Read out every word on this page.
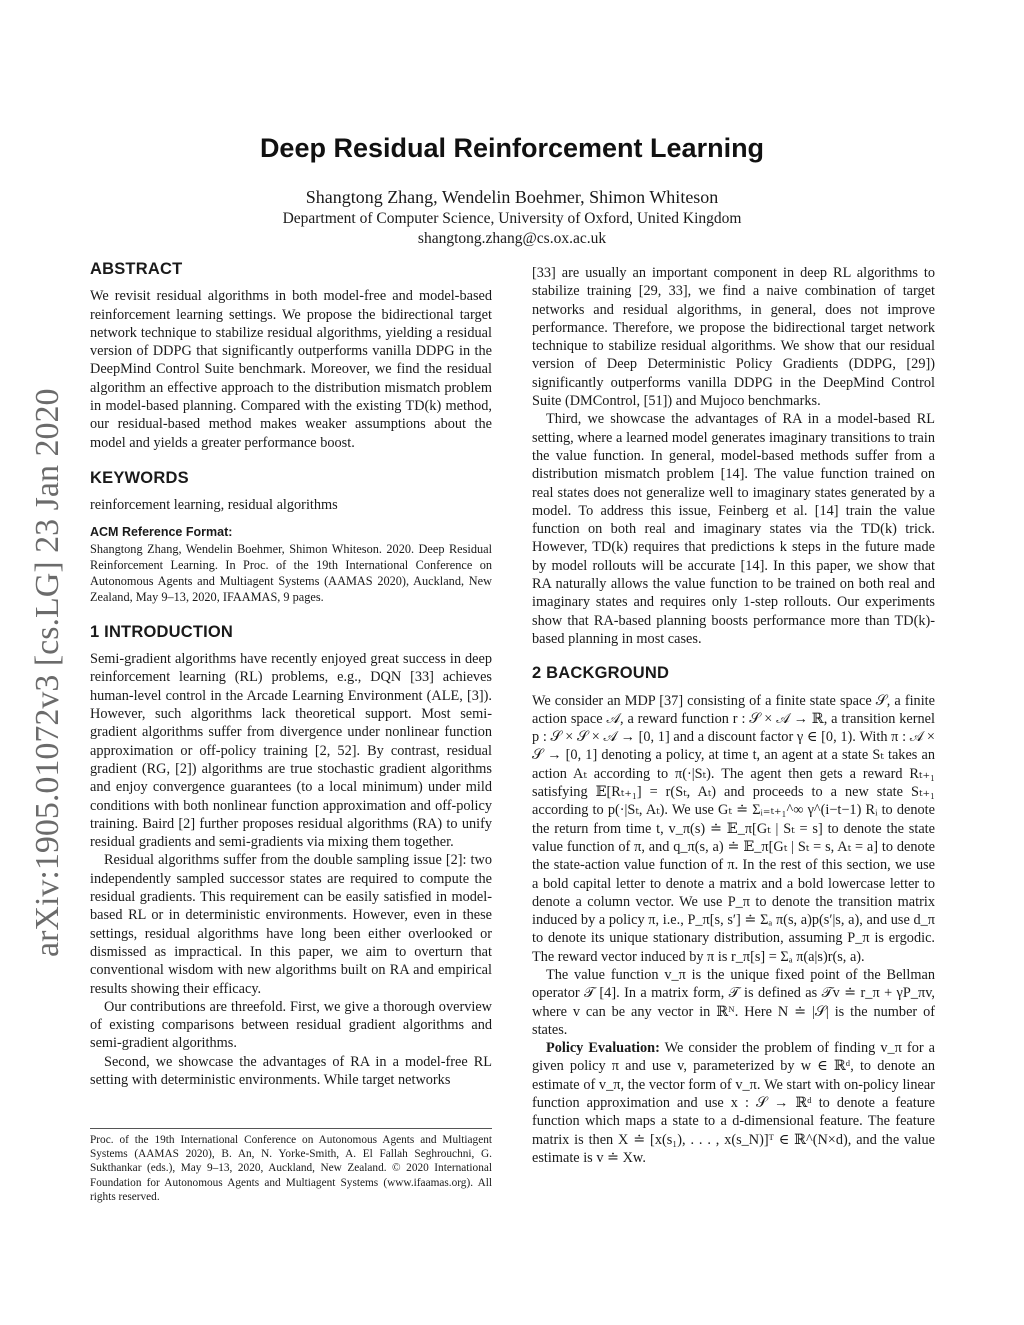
arXiv:1905.01072v3 [cs.LG] 23 Jan 2020
Deep Residual Reinforcement Learning
Shangtong Zhang, Wendelin Boehmer, Shimon Whiteson
Department of Computer Science, University of Oxford, United Kingdom
shangtong.zhang@cs.ox.ac.uk
ABSTRACT

We revisit residual algorithms in both model-free and model-based reinforcement learning settings. We propose the bidirectional target network technique to stabilize residual algorithms, yielding a residual version of DDPG that significantly outperforms vanilla DDPG in the DeepMind Control Suite benchmark. Moreover, we find the residual algorithm an effective approach to the distribution mismatch problem in model-based planning. Compared with the existing TD(k) method, our residual-based method makes weaker assumptions about the model and yields a greater performance boost.

KEYWORDS

reinforcement learning, residual algorithms

ACM Reference Format:

Shangtong Zhang, Wendelin Boehmer, Shimon Whiteson. 2020. Deep Residual Reinforcement Learning. In Proc. of the 19th International Conference on Autonomous Agents and Multiagent Systems (AAMAS 2020), Auckland, New Zealand, May 9–13, 2020, IFAAMAS, 9 pages.

1 INTRODUCTION

Semi-gradient algorithms have recently enjoyed great success in deep reinforcement learning (RL) problems, e.g., DQN [33] achieves human-level control in the Arcade Learning Environment (ALE, [3]). However, such algorithms lack theoretical support. Most semi-gradient algorithms suffer from divergence under nonlinear function approximation or off-policy training [2, 52]. By contrast, residual gradient (RG, [2]) algorithms are true stochastic gradient algorithms and enjoy convergence guarantees (to a local minimum) under mild conditions with both nonlinear function approximation and off-policy training. Baird [2] further proposes residual algorithms (RA) to unify residual gradients and semi-gradients via mixing them together.

Residual algorithms suffer from the double sampling issue [2]: two independently sampled successor states are required to compute the residual gradients. This requirement can be easily satisfied in model-based RL or in deterministic environments. However, even in these settings, residual algorithms have long been either overlooked or dismissed as impractical. In this paper, we aim to overturn that conventional wisdom with new algorithms built on RA and empirical results showing their efficacy.

Our contributions are threefold. First, we give a thorough overview of existing comparisons between residual gradient algorithms and semi-gradient algorithms.

Second, we showcase the advantages of RA in a model-free RL setting with deterministic environments. While target networks

Proc. of the 19th International Conference on Autonomous Agents and Multiagent Systems (AAMAS 2020), B. An, N. Yorke-Smith, A. El Fallah Seghrouchni, G. Sukthankar (eds.), May 9–13, 2020, Auckland, New Zealand. © 2020 International Foundation for Autonomous Agents and Multiagent Systems (www.ifaamas.org). All rights reserved.

[33] are usually an important component in deep RL algorithms to stabilize training [29, 33], we find a naive combination of target networks and residual algorithms, in general, does not improve performance. Therefore, we propose the bidirectional target network technique to stabilize residual algorithms. We show that our residual version of Deep Deterministic Policy Gradients (DDPG, [29]) significantly outperforms vanilla DDPG in the DeepMind Control Suite (DMControl, [51]) and Mujoco benchmarks.

Third, we showcase the advantages of RA in a model-based RL setting, where a learned model generates imaginary transitions to train the value function. In general, model-based methods suffer from a distribution mismatch problem [14]. The value function trained on real states does not generalize well to imaginary states generated by a model. To address this issue, Feinberg et al. [14] train the value function on both real and imaginary states via the TD(k) trick. However, TD(k) requires that predictions k steps in the future made by model rollouts will be accurate [14]. In this paper, we show that RA naturally allows the value function to be trained on both real and imaginary states and requires only 1-step rollouts. Our experiments show that RA-based planning boosts performance more than TD(k)-based planning in most cases.

2 BACKGROUND

We consider an MDP [37] consisting of a finite state space 𝒮, a finite action space 𝒜, a reward function r : 𝒮 × 𝒜 → ℝ, a transition kernel p : 𝒮 × 𝒮 × 𝒜 → [0, 1] and a discount factor γ ∈ [0, 1). With π : 𝒜 × 𝒮 → [0, 1] denoting a policy, at time t, an agent at a state Sₜ takes an action Aₜ according to π(·|Sₜ). The agent then gets a reward Rₜ₊₁ satisfying 𝔼[Rₜ₊₁] = r(Sₜ, Aₜ) and proceeds to a new state Sₜ₊₁ according to p(·|Sₜ, Aₜ). We use Gₜ ≐ Σᵢ₌ₜ₊₁^∞ γ^(i−t−1) Rᵢ to denote the return from time t, v_π(s) ≐ 𝔼_π[Gₜ | Sₜ = s] to denote the state value function of π, and q_π(s, a) ≐ 𝔼_π[Gₜ | Sₜ = s, Aₜ = a] to denote the state-action value function of π. In the rest of this section, we use a bold capital letter to denote a matrix and a bold lowercase letter to denote a column vector. We use P_π to denote the transition matrix induced by a policy π, i.e., P_π[s, s′] ≐ Σₐ π(s, a)p(s′|s, a), and use d_π to denote its unique stationary distribution, assuming P_π is ergodic. The reward vector induced by π is r_π[s] = Σₐ π(a|s)r(s, a).

The value function v_π is the unique fixed point of the Bellman operator 𝒯 [4]. In a matrix form, 𝒯 is defined as 𝒯v ≐ r_π + γP_πv, where v can be any vector in ℝᴺ. Here N ≐ |𝒮| is the number of states.

Policy Evaluation: We consider the problem of finding v_π for a given policy π and use v, parameterized by w ∈ ℝᵈ, to denote an estimate of v_π, the vector form of v_π. We start with on-policy linear function approximation and use x : 𝒮 → ℝᵈ to denote a feature function which maps a state to a d-dimensional feature. The feature matrix is then X ≐ [x(s₁), . . . , x(s_N)]ᵀ ∈ ℝ^(N×d), and the value estimate is v ≐ Xw.
